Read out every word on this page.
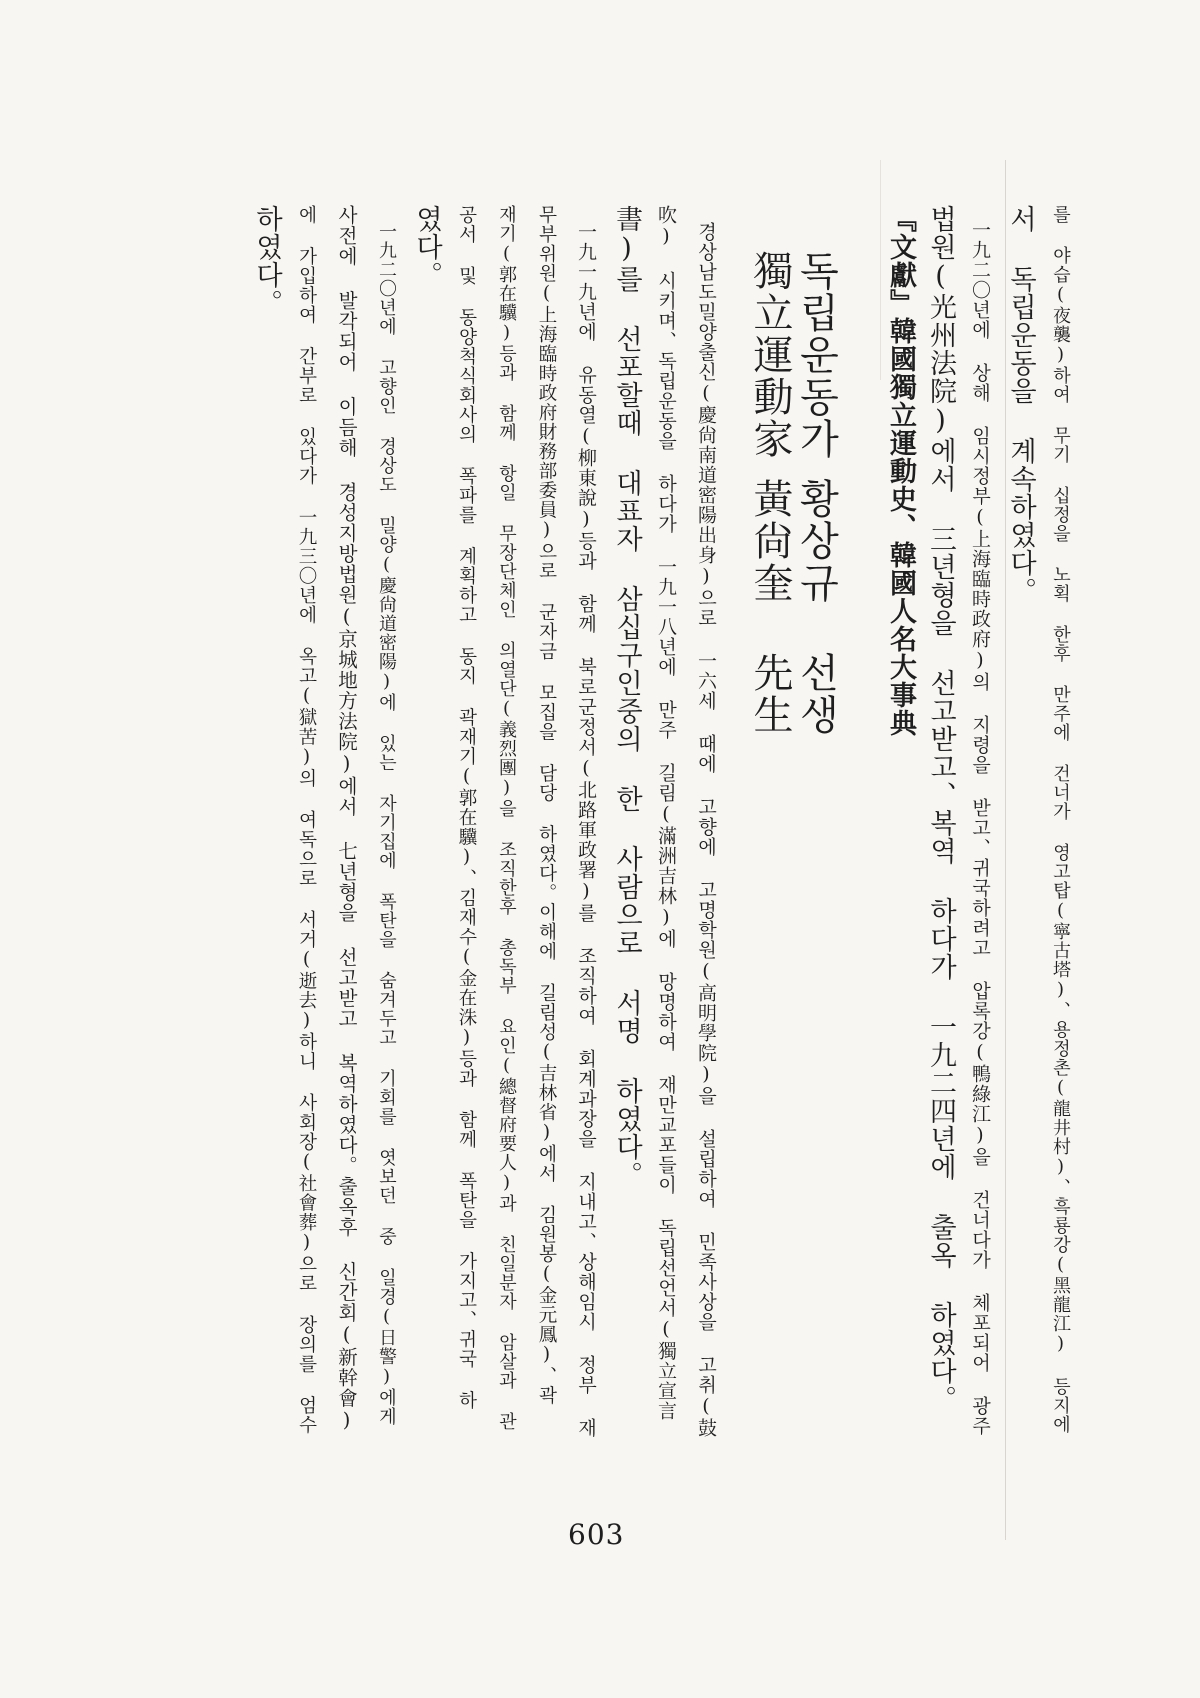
를 야습(夜襲)하여 무기 십정을 노획 한후 만주에 건너가 영고탑(寧古塔)、용정촌(龍井村)、흑룡강(黑龍江) 등지에
서 독립운동을 계속하였다。
一九二〇년에 상해 임시정부(上海臨時政府)의 지령을 받고、귀국하려고 압록강(鴨綠江)을 건너다가 체포되어 광주
법원(光州法院)에서 三년형을 선고받고、복역 하다가 一九二四년에 출옥 하였다。
『文獻』韓國獨立運動史、韓國人名大事典
독립운동가
황상규 선생
獨立運動家
黃尙奎 先生
경상남도밀양출신(慶尙南道密陽出身)으로 一六세 때에 고향에 고명학원(高明學院)을 설립하여 민족사상을 고취(鼓
吹) 시키며、독립운동을 하다가 一九一八년에 만주 길림(滿洲吉林)에 망명하여 재만교포들이 독립선언서(獨立宣言
書)를 선포할때 대표자 삼십구인중의 한 사람으로 서명 하였다。
一九一九년에 유동열(柳東說)등과 함께 북로군정서(北路軍政署)를 조직하여 회계과장을 지내고、상해임시 정부 재
무부위원(上海臨時政府財務部委員)으로 군자금 모집을 담당 하였다。이해에 길림성(吉林省)에서 김원봉(金元鳳)、곽
재기(郭在驥)등과 함께 항일 무장단체인 의열단(義烈團)을 조직한후 총독부 요인(總督府要人)과 친일분자 암살과 관
공서 및 동양척식회사의 폭파를 계획하고 동지 곽재기(郭在驥)、김재수(金在洙)등과 함께 폭탄을 가지고、귀국 하
였다。
一九二〇년에 고향인 경상도 밀양(慶尙道密陽)에 있는 자기집에 폭탄을 숨겨두고 기회를 엿보던 중 일경(日警)에게
사전에 발각되어 이듬해 경성지방법원(京城地方法院)에서 七년형을 선고받고 복역하였다。출옥후 신간회(新幹會)
에 가입하여 간부로 있다가 一九三〇년에 옥고(獄苦)의 여독으로 서거(逝去)하니 사회장(社會葬)으로 장의를 엄수
하였다。
603
